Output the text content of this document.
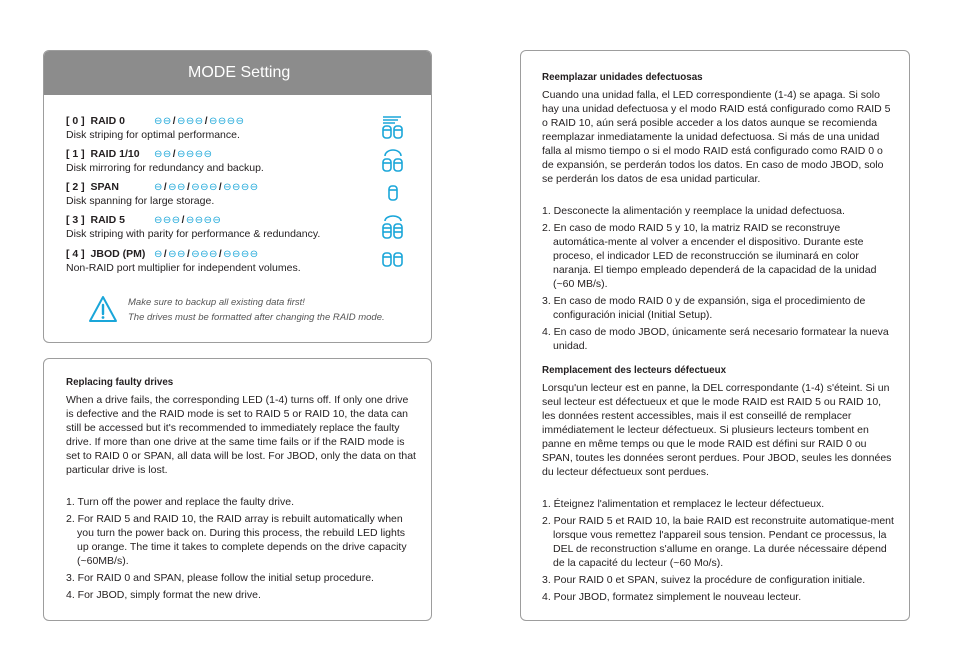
MODE Setting
[ 0 ] RAID 0	⊖⊖/⊖⊖⊖/⊖⊖⊖⊖
Disk striping for optimal performance.
[ 1 ] RAID 1/10 ⊖⊖/⊖⊖⊖⊖
Disk mirroring for redundancy and backup.
[ 2 ] SPAN	⊖/⊖⊖/⊖⊖⊖/⊖⊖⊖⊖
Disk spanning for large storage.
[ 3 ] RAID 5	⊖⊖⊖/⊖⊖⊖⊖
Disk striping with parity for performance & redundancy.
[ 4 ] JBOD (PM) ⊖/⊖⊖/⊖⊖⊖/⊖⊖⊖⊖
Non-RAID port multiplier for independent volumes.
Make sure to backup all existing data first!
The drives must be formatted after changing the RAID mode.
Replacing faulty drives

When a drive fails, the corresponding LED (1-4) turns off. If only one drive is defective and the RAID mode is set to RAID 5 or RAID 10, the data can still be accessed but it's recommended to immediately replace the faulty drive. If more than one drive at the same time fails or if the RAID mode is set to RAID 0 or SPAN, all data will be lost. For JBOD, only the data on that particular drive is lost.

1. Turn off the power and replace the faulty drive.
2. For RAID 5 and RAID 10, the RAID array is rebuilt automatically when you turn the power back on. During this process, the rebuild LED lights up orange. The time it takes to complete depends on the drive capacity (~60MB/s).
3. For RAID 0 and SPAN, please follow the initial setup procedure.
4. For JBOD, simply format the new drive.
Reemplazar unidades defectuosas

Cuando una unidad falla, el LED correspondiente (1-4) se apaga. Si solo hay una unidad defectuosa y el modo RAID está configurado como RAID 5 o RAID 10, aún será posible acceder a los datos aunque se recomienda reemplazar inmediatamente la unidad defectuosa. Si más de una unidad falla al mismo tiempo o si el modo RAID está configurado como RAID 0 o de expansión, se perderán todos los datos. En caso de modo JBOD, solo se perderán los datos de esa unidad particular.

1. Desconecte la alimentación y reemplace la unidad defectuosa.
2. En caso de modo RAID 5 y 10, la matriz RAID se reconstruye automática-mente al volver a encender el dispositivo. Durante este proceso, el indicador LED de reconstrucción se iluminará en color naranja. El tiempo empleado dependerá de la capacidad de la unidad (~60 MB/s).
3. En caso de modo RAID 0 y de expansión, siga el procedimiento de configuración inicial (Initial Setup).
4. En caso de modo JBOD, únicamente será necesario formatear la nueva unidad.
Remplacement des lecteurs défectueux

Lorsqu'un lecteur est en panne, la DEL correspondante (1-4) s'éteint. Si un seul lecteur est défectueux et que le mode RAID est RAID 5 ou RAID 10, les données restent accessibles, mais il est conseillé de remplacer immédiatement le lecteur défectueux. Si plusieurs lecteurs tombent en panne en même temps ou que le mode RAID est défini sur RAID 0 ou SPAN, toutes les données seront perdues. Pour JBOD, seules les données du lecteur défectueux sont perdues.

1. Éteignez l'alimentation et remplacez le lecteur défectueux.
2. Pour RAID 5 et RAID 10, la baie RAID est reconstruite automatique-ment lorsque vous remettez l'appareil sous tension. Pendant ce processus, la DEL de reconstruction s'allume en orange. La durée nécessaire dépend de la capacité du lecteur (~60 Mo/s).
3. Pour RAID 0 et SPAN, suivez la procédure de configuration initiale.
4. Pour JBOD, formatez simplement le nouveau lecteur.
